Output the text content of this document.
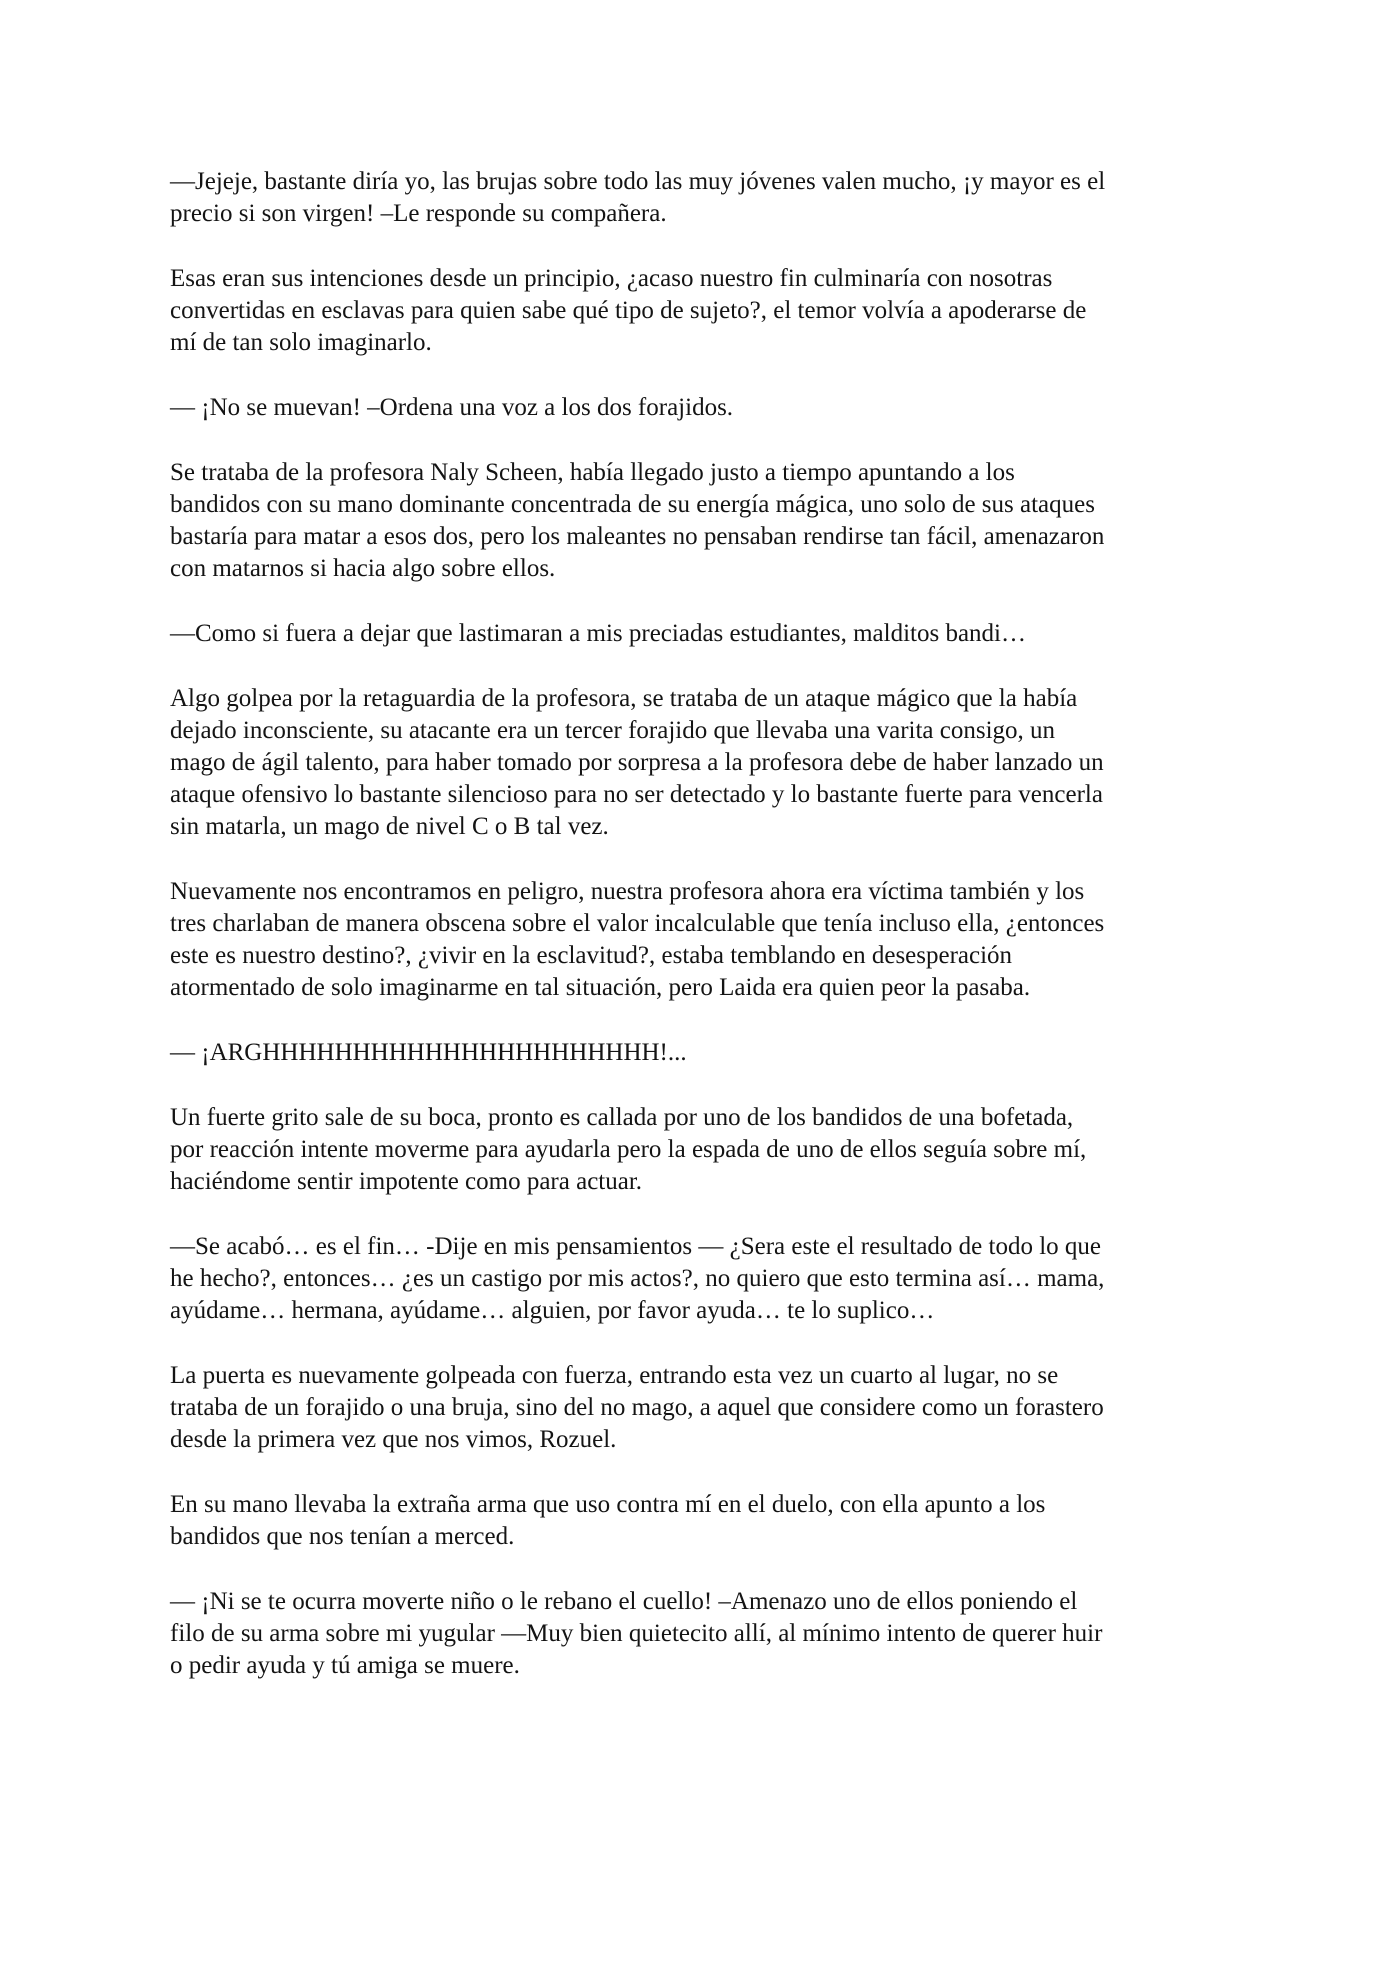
—Jejeje, bastante diría yo, las brujas sobre todo las muy jóvenes valen mucho, ¡y mayor es el
precio si son virgen! –Le responde su compañera.

Esas eran sus intenciones desde un principio, ¿acaso nuestro fin culminaría con nosotras
convertidas en esclavas para quien sabe qué tipo de sujeto?, el temor volvía a apoderarse de
mí de tan solo imaginarlo.

— ¡No se muevan! –Ordena una voz a los dos forajidos.

Se trataba de la profesora Naly Scheen, había llegado justo a tiempo apuntando a los
bandidos con su mano dominante concentrada de su energía mágica, uno solo de sus ataques
bastaría para matar a esos dos, pero los maleantes no pensaban rendirse tan fácil, amenazaron
con matarnos si hacia algo sobre ellos.

—Como si fuera a dejar que lastimaran a mis preciadas estudiantes, malditos bandi…

Algo golpea por la retaguardia de la profesora, se trataba de un ataque mágico que la había
dejado inconsciente, su atacante era un tercer forajido que llevaba una varita consigo, un
mago de ágil talento, para haber tomado por sorpresa a la profesora debe de haber lanzado un
ataque ofensivo lo bastante silencioso para no ser detectado y lo bastante fuerte para vencerla
sin matarla, un mago de nivel C o B tal vez.

Nuevamente nos encontramos en peligro, nuestra profesora ahora era víctima también y los
tres charlaban de manera obscena sobre el valor incalculable que tenía incluso ella, ¿entonces
este es nuestro destino?, ¿vivir en la esclavitud?, estaba temblando en desesperación
atormentado de solo imaginarme en tal situación, pero Laida era quien peor la pasaba.

— ¡ARGHHHHHHHHHHHHHHHHHHHHHH!...

Un fuerte grito sale de su boca, pronto es callada por uno de los bandidos de una bofetada,
por reacción intente moverme para ayudarla pero la espada de uno de ellos seguía sobre mí,
haciéndome sentir impotente como para actuar.

—Se acabó… es el fin… -Dije en mis pensamientos — ¿Sera este el resultado de todo lo que
he hecho?, entonces… ¿es un castigo por mis actos?, no quiero que esto termina así… mama,
ayúdame… hermana, ayúdame… alguien, por favor ayuda… te lo suplico…

La puerta es nuevamente golpeada con fuerza, entrando esta vez un cuarto al lugar, no se
trataba de un forajido o una bruja, sino del no mago, a aquel que considere como un forastero
desde la primera vez que nos vimos, Rozuel.

En su mano llevaba la extraña arma que uso contra mí en el duelo, con ella apunto a los
bandidos que nos tenían a merced.

— ¡Ni se te ocurra moverte niño o le rebano el cuello! –Amenazo uno de ellos poniendo el
filo de su arma sobre mi yugular —Muy bien quietecito allí, al mínimo intento de querer huir
o pedir ayuda y tú amiga se muere.
